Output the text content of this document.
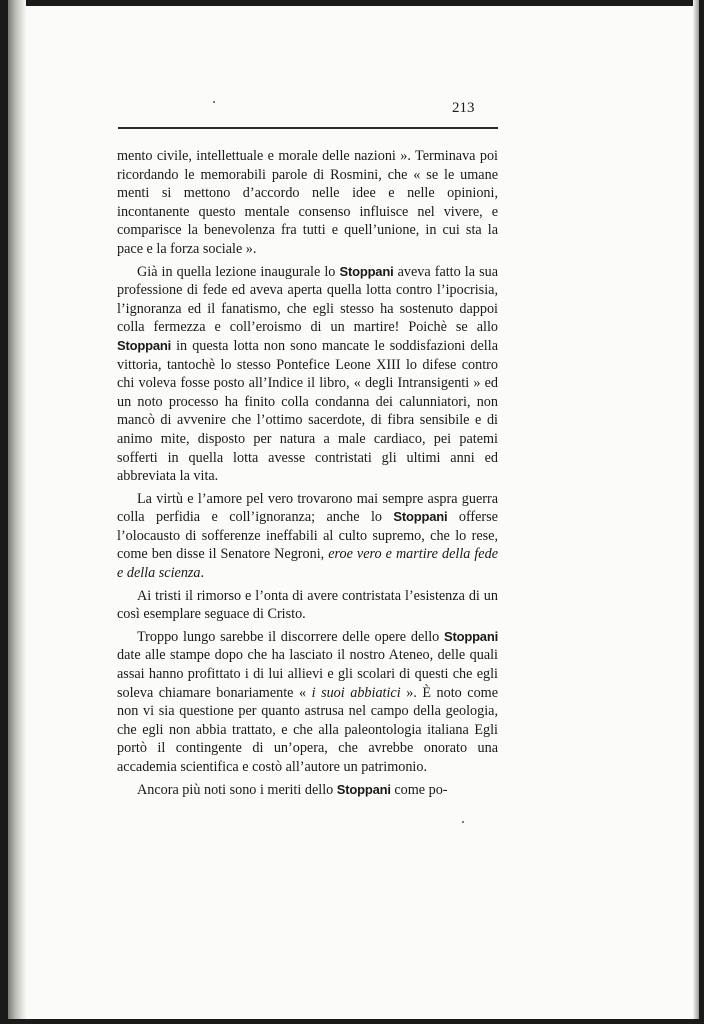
213

mento civile, intellettuale e morale delle nazioni ». Terminava poi ricordando le memorabili parole di Rosmini, che « se le umane menti si mettono d’accordo nelle idee e nelle opinioni, incontanente questo mentale consenso influisce nel vivere, e comparisce la benevolenza fra tutti e quell’unione, in cui sta la pace e la forza sociale ».

Già in quella lezione inaugurale lo Stoppani aveva fatto la sua professione di fede ed aveva aperta quella lotta contro l’ipocrisia, l’ignoranza ed il fanatismo, che egli stesso ha sostenuto dappoi colla fermezza e coll’eroismo di un martire! Poichè se allo Stoppani in questa lotta non sono mancate le soddisfazioni della vittoria, tantochè lo stesso Pontefice Leone XIII lo difese contro chi voleva fosse posto all’Indice il libro, « degli Intransigenti » ed un noto processo ha finito colla condanna dei calunniatori, non mancò di avvenire che l’ottimo sacerdote, di fibra sensibile e di animo mite, disposto per natura a male cardiaco, pei patemi sofferti in quella lotta avesse contristati gli ultimi anni ed abbreviata la vita.

La virtù e l’amore pel vero trovarono mai sempre aspra guerra colla perfidia e coll’ignoranza; anche lo Stoppani offerse l’olocausto di sofferenze ineffabili al culto supremo, che lo rese, come ben disse il Senatore Negroni, eroe vero e martire della fede e della scienza.

Ai tristi il rimorso e l’onta di avere contristata l’esistenza di un così esemplare seguace di Cristo.

Troppo lungo sarebbe il discorrere delle opere dello Stoppani date alle stampe dopo che ha lasciato il nostro Ateneo, delle quali assai hanno profittato i di lui allievi e gli scolari di questi che egli soleva chiamare bonariamente « i suoi abbiatici ». È noto come non vi sia questione per quanto astrusa nel campo della geologia, che egli non abbia trattato, e che alla paleontologia italiana Egli portò il contingente di un’opera, che avrebbe onorato una accademia scientifica e costò all’autore un patrimonio.

Ancora più noti sono i meriti dello Stoppani come po-
